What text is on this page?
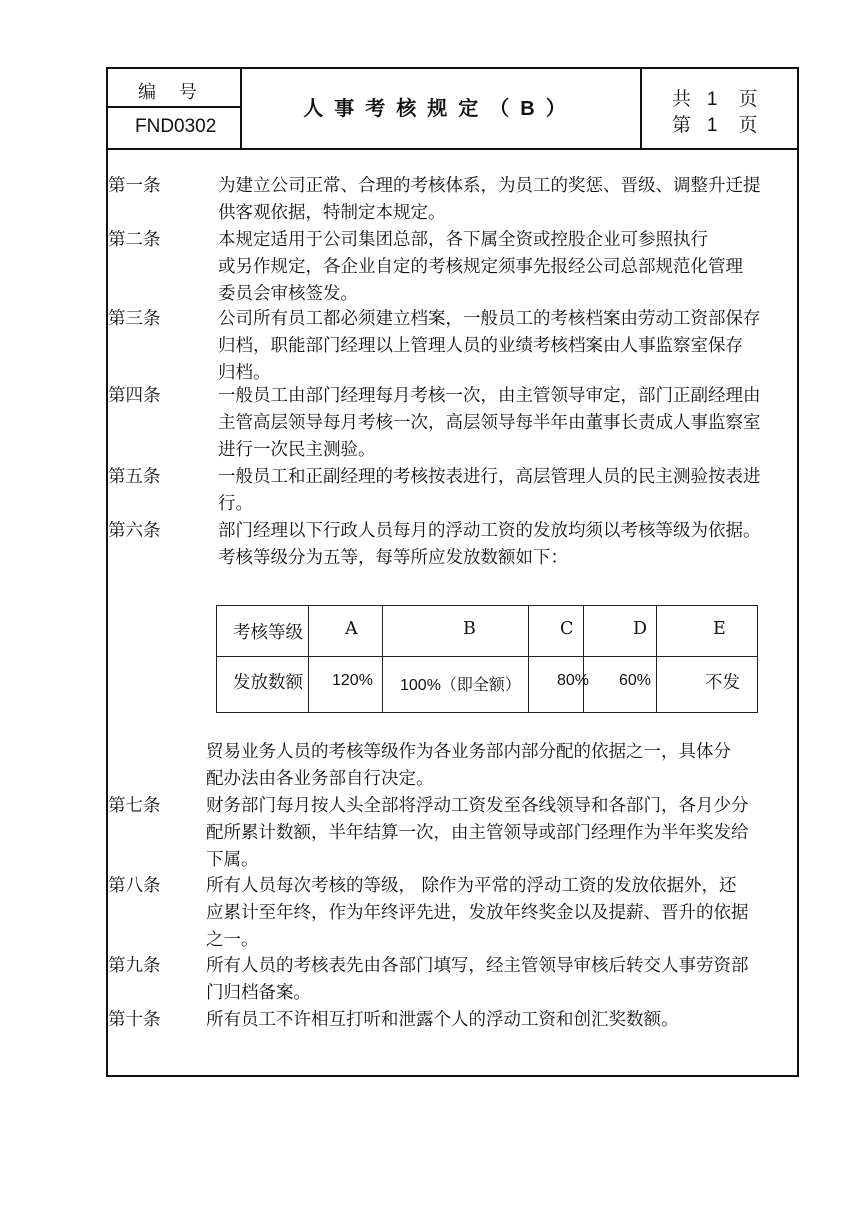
编    号
FND0302
人事考核规定（B）	共   1    页
第   1    页
第一条	为建立公司正常、合理的考核体系，为员工的奖惩、晋级、调整升迁提
供客观依据，特制定本规定。
第二条	本规定适用于公司集团总部，各下属全资或控股企业可参照执行
或另作规定，各企业自定的考核规定须事先报经公司总部规范化管理
委员会审核签发。
第三条	公司所有员工都必须建立档案，一般员工的考核档案由劳动工资部保存
归档，职能部门经理以上管理人员的业绩考核档案由人事监察室保存
归档。
第四条	一般员工由部门经理每月考核一次，由主管领导审定，部门正副经理由
主管高层领导每月考核一次，高层领导每半年由董事长责成人事监察室
进行一次民主测验。
第五条	一般员工和正副经理的考核按表进行，高层管理人员的民主测验按表进
行。
第六条	部门经理以下行政人员每月的浮动工资的发放均须以考核等级为依据。
考核等级分为五等，每等所应发放数额如下：
考核等级 A	B	C	D	E
发放数额 120% 100%（即全额） 80% 60%	不发
贸易业务人员的考核等级作为各业务部内部分配的依据之一，具体分
配办法由各业务部自行决定。
第七条	财务部门每月按人头全部将浮动工资发至各线领导和各部门，各月少分
配所累计数额，半年结算一次，由主管领导或部门经理作为半年奖发给
下属。
第八条	所有人员每次考核的等级， 除作为平常的浮动工资的发放依据外，还
应累计至年终，作为年终评先进，发放年终奖金以及提薪、晋升的依据
之一。
第九条	所有人员的考核表先由各部门填写，经主管领导审核后转交人事劳资部
门归档备案。
第十条	所有员工不许相互打听和泄露个人的浮动工资和创汇奖数额。
